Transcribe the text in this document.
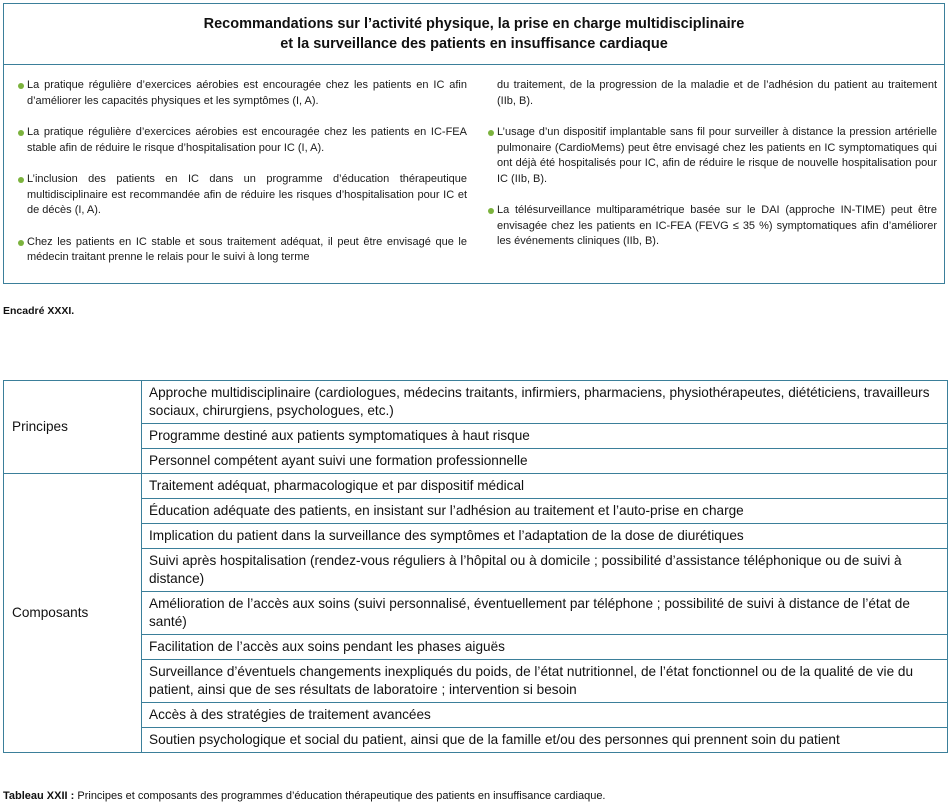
Recommandations sur l’activité physique, la prise en charge multidisciplinaire
et la surveillance des patients en insuffisance cardiaque
La pratique régulière d’exercices aérobies est encouragée chez les patients en IC afin d’améliorer les capacités physiques et les symptômes (I, A).
La pratique régulière d’exercices aérobies est encouragée chez les patients en IC-FEA stable afin de réduire le risque d’hospitalisation pour IC (I, A).
L’inclusion des patients en IC dans un programme d’éducation thérapeutique multidisciplinaire est recommandée afin de réduire les risques d’hospitalisation pour IC et de décès (I, A).
Chez les patients en IC stable et sous traitement adéquat, il peut être envisagé que le médecin traitant prenne le relais pour le suivi à long terme
du traitement, de la progression de la maladie et de l’adhésion du patient au traitement (IIb, B).
L’usage d’un dispositif implantable sans fil pour surveiller à distance la pression artérielle pulmonaire (CardioMems) peut être envisagé chez les patients en IC symptomatiques qui ont déjà été hospitalisés pour IC, afin de réduire le risque de nouvelle hospitalisation pour IC (IIb, B).
La télésurveillance multiparamétrique basée sur le DAI (approche IN-TIME) peut être envisagée chez les patients en IC-FEA (FEVG ≤ 35 %) symptomatiques afin d’améliorer les événements cliniques (IIb, B).
Encadré XXXI.
Principes	Approche multidisciplinaire (cardiologues, médecins traitants, infirmiers, pharmaciens, physiothérapeutes, diététiciens, travailleurs sociaux, chirurgiens, psychologues, etc.)
	Programme destiné aux patients symptomatiques à haut risque
	Personnel compétent ayant suivi une formation professionnelle
Composants	Traitement adéquat, pharmacologique et par dispositif médical
	Éducation adéquate des patients, en insistant sur l’adhésion au traitement et l’auto-prise en charge
	Implication du patient dans la surveillance des symptômes et l’adaptation de la dose de diurétiques
	Suivi après hospitalisation (rendez-vous réguliers à l’hôpital ou à domicile ; possibilité d’assistance téléphonique ou de suivi à distance)
	Amélioration de l’accès aux soins (suivi personnalisé, éventuellement par téléphone ; possibilité de suivi à distance de l’état de santé)
	Facilitation de l’accès aux soins pendant les phases aiguës
	Surveillance d’éventuels changements inexpliqués du poids, de l’état nutritionnel, de l’état fonctionnel ou de la qualité de vie du patient, ainsi que de ses résultats de laboratoire ; intervention si besoin
	Accès à des stratégies de traitement avancées
	Soutien psychologique et social du patient, ainsi que de la famille et/ou des personnes qui prennent soin du patient
Tableau XXII : Principes et composants des programmes d’éducation thérapeutique des patients en insuffisance cardiaque.
